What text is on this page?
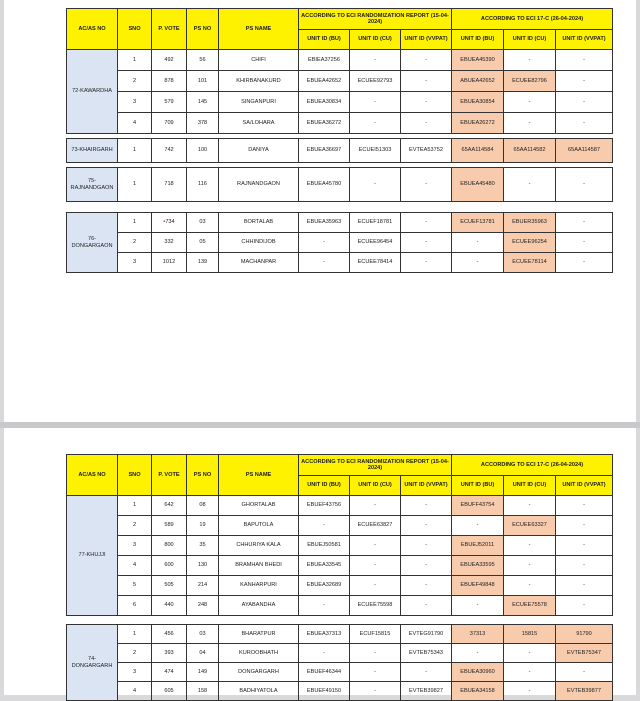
AC/AS NO	SNO	P. VOTE	PS NO	PS NAME	ACCORDING TO ECI RANDOMIZATION REPORT (15-04-2024)			ACCORDING TO ECI 17-C (26-04-2024)		
					UNIT ID (BU)	UNIT ID (CU)	UNIT ID (VVPAT)	UNIT ID (BU)	UNIT ID (CU)	UNIT ID (VVPAT)
72-KAWARDHA	1	492	56	CHIFI	EBIEA37256	-	-	EBUEA45390	-	-
	2	878	101	KHIRBANAKURD	EBUEA42652	ECUEE92793	-	ABUEA42652	ECUEE82796	-
	3	579	145	SINGANPURI	EBUEA30834	-	-	EBUEA30854	-	-
	4	709	378	SA/LOHARA	EBUEA36272	-	-	EBUEA26272	-	-

73-KHAIRGARH	1	742	100	DANIYA	EBUEA36697	ECUEI51303	EVTEA53752	65AA114584	65AA114582	65AA114587

75-RAJNANDGAON	1	718	116	RAJNANDGAON	EBUEA45780	-	-	EBUEA45480	-	-

76-DONGARGAON	1	•734	03	BORTALAB	EBUEA35963	ECUEF18781	-	ECUEF13781	EBUER35963	-
	2	332	05	CHHINDIJOB	-	ECUEE96454	-	-	ECUEE96254	-
	3	1012	139	MACHANPAR	-	ECUEE78414	-	-	ECUEE78114	-
AC/AS NO	SNO	P. VOTE	PS NO	PS NAME	ACCORDING TO ECI RANDOMIZATION REPORT (15-04-2024)			ACCORDING TO ECI 17-C (26-04-2024)		
					UNIT ID (BU)	UNIT ID (CU)	UNIT ID (VVPAT)	UNIT ID (BU)	UNIT ID (CU)	UNIT ID (VVPAT)
77-KHUJJI	1	642	08	GHORTALAB	EBUEF43756	-	-	EBUFF43754	-	-
	2	589	19	BAPUTOLA	-	ECUEE63827	-	-	ECUEE63327	-
	3	800	35	CHHURIYA KALA	EBUEJ50581	-	-	EBUEJ52011	-	-
	4	600	130	BRAMHAN BHEDI	EBUEA33545	-	-	EBUEA33595	-	-
	5	505	214	KANHARPURI	EBUEA32689	-	-	EBUEF49848	-	-
	6	440	248	AYABANDHA	-	ECUEE75598	-	-	ECUEE75578	-

74-DONGARGARH	1	456	03	BHARATPUR	EBUEA37313	ECUF15815	EVTEG91790	37313	15815	91790
	2	393	04	KUROOBHATH	-	-	EVTEB75343	-	-	EVTEB75347
	3	474	149	DONGARGARH	EBUEF46344	-	-	EBUEA30960	-	-
	4	605	158	BADHIYATOLA	EBUEF49150	-	EVTEB39827	EBUEA34158	-	EVTEB39877
